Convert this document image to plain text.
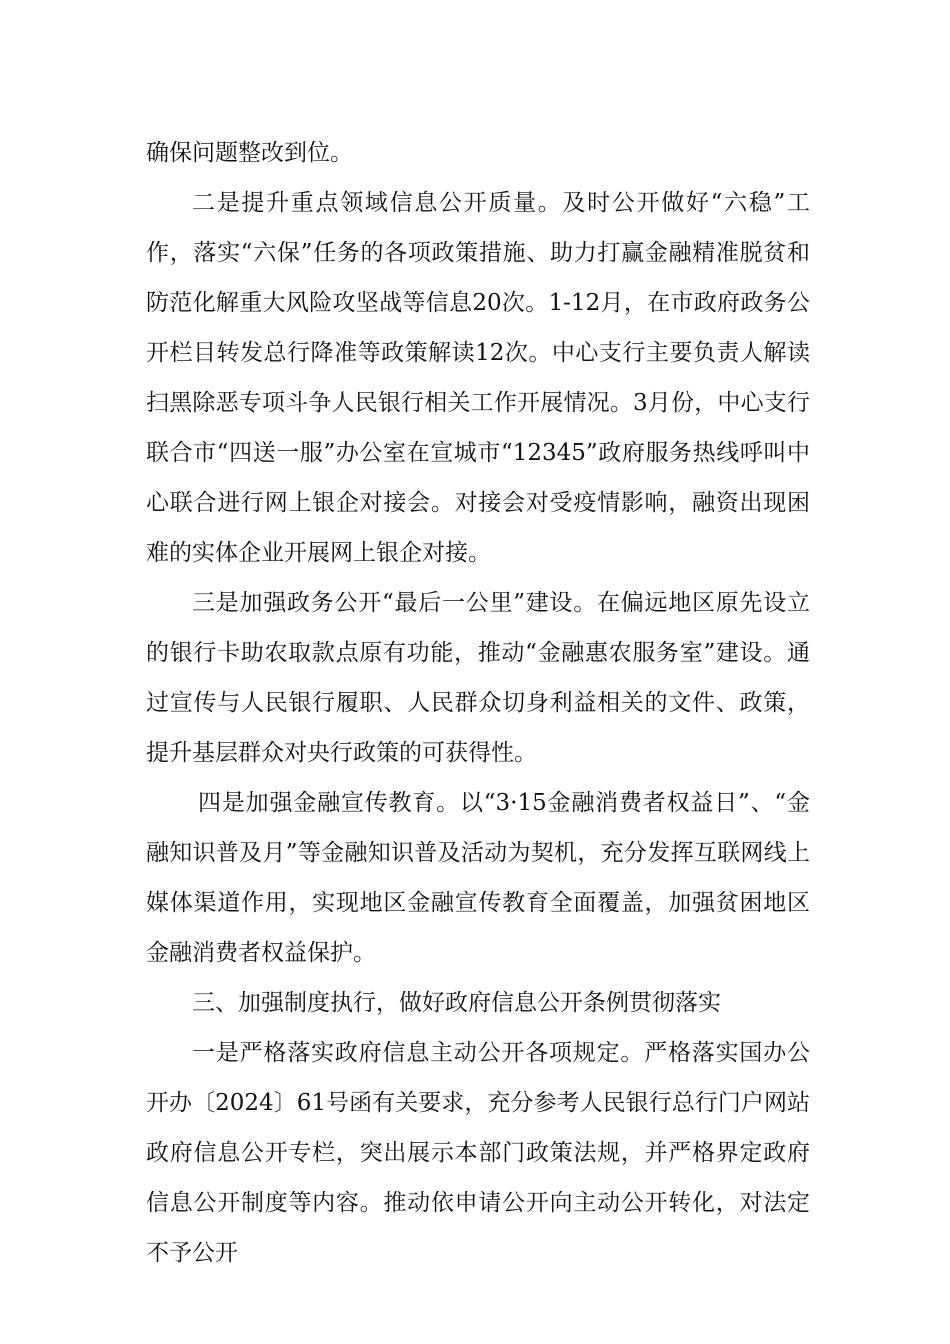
确保问题整改到位。

二是提升重点领域信息公开质量。及时公开做好“六稳”工作，落实“六保”任务的各项政策措施、助力打赢金融精准脱贫和防范化解重大风险攻坚战等信息20次。1-12月，在市政府政务公开栏目转发总行降准等政策解读12次。中心支行主要负责人解读扫黑除恶专项斗争人民银行相关工作开展情况。3月份，中心支行联合市“四送一服”办公室在宣城市“12345”政府服务热线呼叫中心联合进行网上银企对接会。对接会对受疫情影响，融资出现困难的实体企业开展网上银企对接。

三是加强政务公开“最后一公里”建设。在偏远地区原先设立的银行卡助农取款点原有功能，推动“金融惠农服务室”建设。通过宣传与人民银行履职、人民群众切身利益相关的文件、政策，提升基层群众对央行政策的可获得性。

四是加强金融宣传教育。以“3·15金融消费者权益日”、“金融知识普及月”等金融知识普及活动为契机，充分发挥互联网线上媒体渠道作用，实现地区金融宣传教育全面覆盖，加强贫困地区金融消费者权益保护。

三、加强制度执行，做好政府信息公开条例贯彻落实

一是严格落实政府信息主动公开各项规定。严格落实国办公开办〔2024〕61号函有关要求，充分参考人民银行总行门户网站政府信息公开专栏，突出展示本部门政策法规，并严格界定政府信息公开制度等内容。推动依申请公开向主动公开转化，对法定不予公开
